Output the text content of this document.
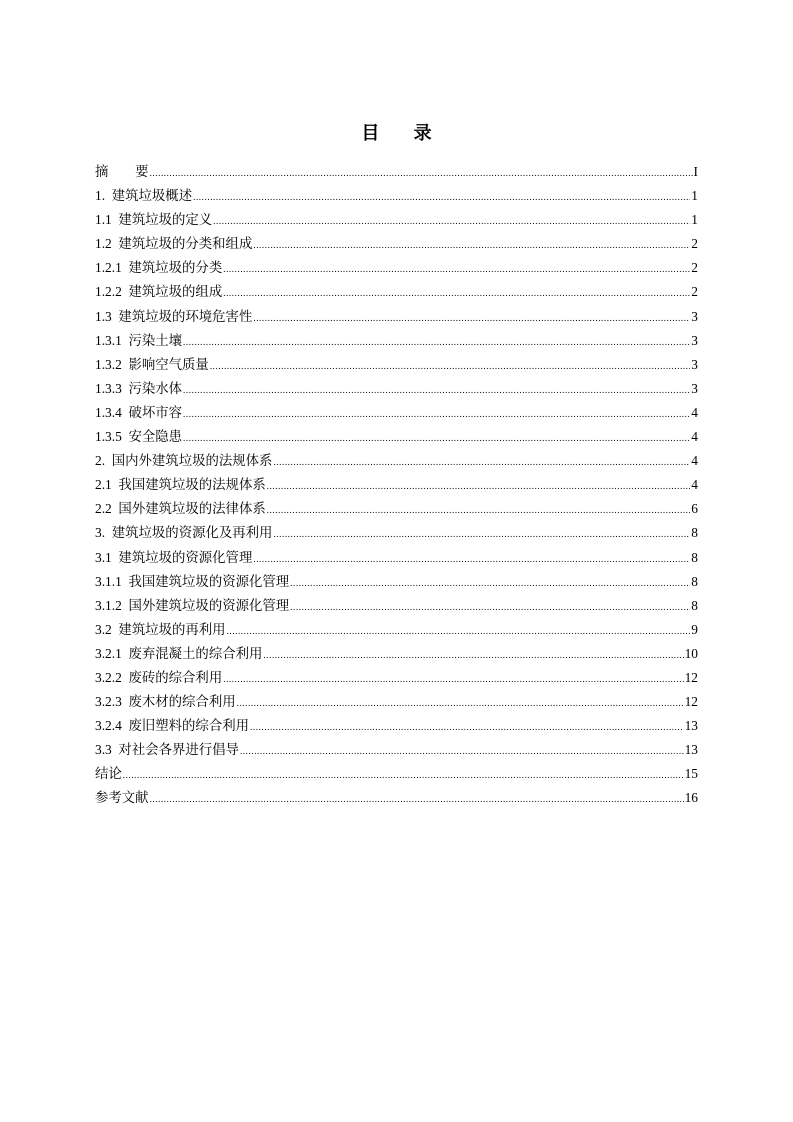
目 录
摘        要 .....	I
1.  建筑垃圾概述 .....	1
1.1  建筑垃圾的定义 .....	1
1.2  建筑垃圾的分类和组成 .....	2
1.2.1  建筑垃圾的分类 .....	2
1.2.2  建筑垃圾的组成 .....	2
1.3  建筑垃圾的环境危害性 .....	3
1.3.1  污染土壤 .....	3
1.3.2  影响空气质量 .....	3
1.3.3  污染水体 .....	3
1.3.4  破坏市容 .....	4
1.3.5  安全隐患 .....	4
2.  国内外建筑垃圾的法规体系 .....	4
2.1  我国建筑垃圾的法规体系 .....	4
2.2  国外建筑垃圾的法律体系 .....	6
3.  建筑垃圾的资源化及再利用 .....	8
3.1  建筑垃圾的资源化管理 .....	8
3.1.1  我国建筑垃圾的资源化管理 .....	8
3.1.2  国外建筑垃圾的资源化管理 .....	8
3.2  建筑垃圾的再利用 .....	9
3.2.1  废弃混凝土的综合利用 .....	10
3.2.2  废砖的综合利用 .....	12
3.2.3  废木材的综合利用 .....	12
3.2.4  废旧塑料的综合利用 .....	13
3.3  对社会各界进行倡导 .....	13
结论 .....	15
参考文献 .....	16
